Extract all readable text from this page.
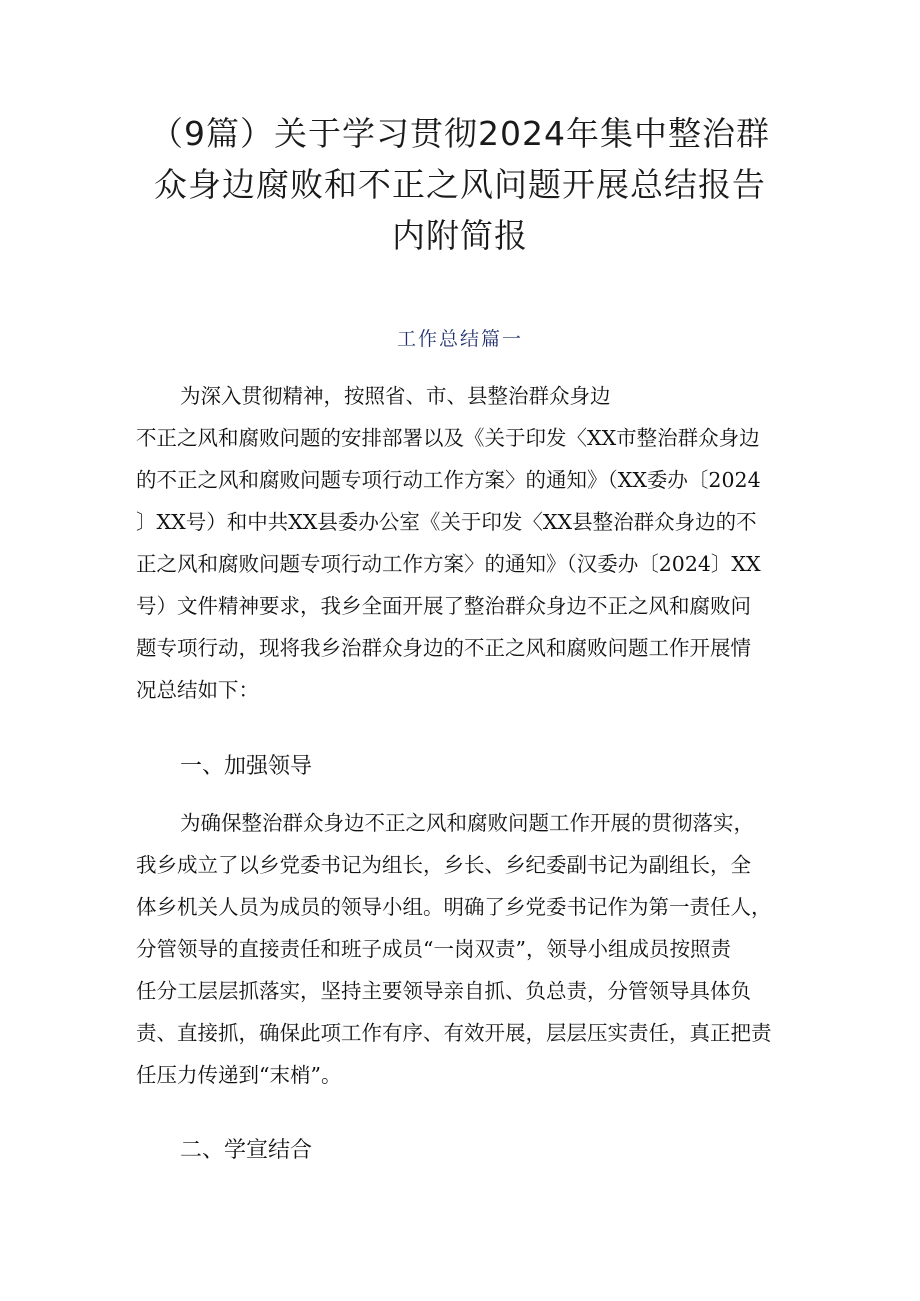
（9篇）关于学习贯彻2024年集中整治群
众身边腐败和不正之风问题开展总结报告
内附简报
工作总结篇一
为深入贯彻精神，按照省、市、县整治群众身边
不正之风和腐败问题的安排部署以及《关于印发〈XX市整治群众身边
的不正之风和腐败问题专项行动工作方案〉的通知》（XX委办〔2024
〕XX号）和中共XX县委办公室《关于印发〈XX县整治群众身边的不
正之风和腐败问题专项行动工作方案〉的通知》（汉委办〔2024〕XX
号）文件精神要求，我乡全面开展了整治群众身边不正之风和腐败问
题专项行动，现将我乡治群众身边的不正之风和腐败问题工作开展情
况总结如下：
一、加强领导
为确保整治群众身边不正之风和腐败问题工作开展的贯彻落实，
我乡成立了以乡党委书记为组长，乡长、乡纪委副书记为副组长，全
体乡机关人员为成员的领导小组。明确了乡党委书记作为第一责任人，
分管领导的直接责任和班子成员“一岗双责”，领导小组成员按照责
任分工层层抓落实，坚持主要领导亲自抓、负总责，分管领导具体负
责、直接抓，确保此项工作有序、有效开展，层层压实责任，真正把责
任压力传递到“末梢”。
二、学宣结合
